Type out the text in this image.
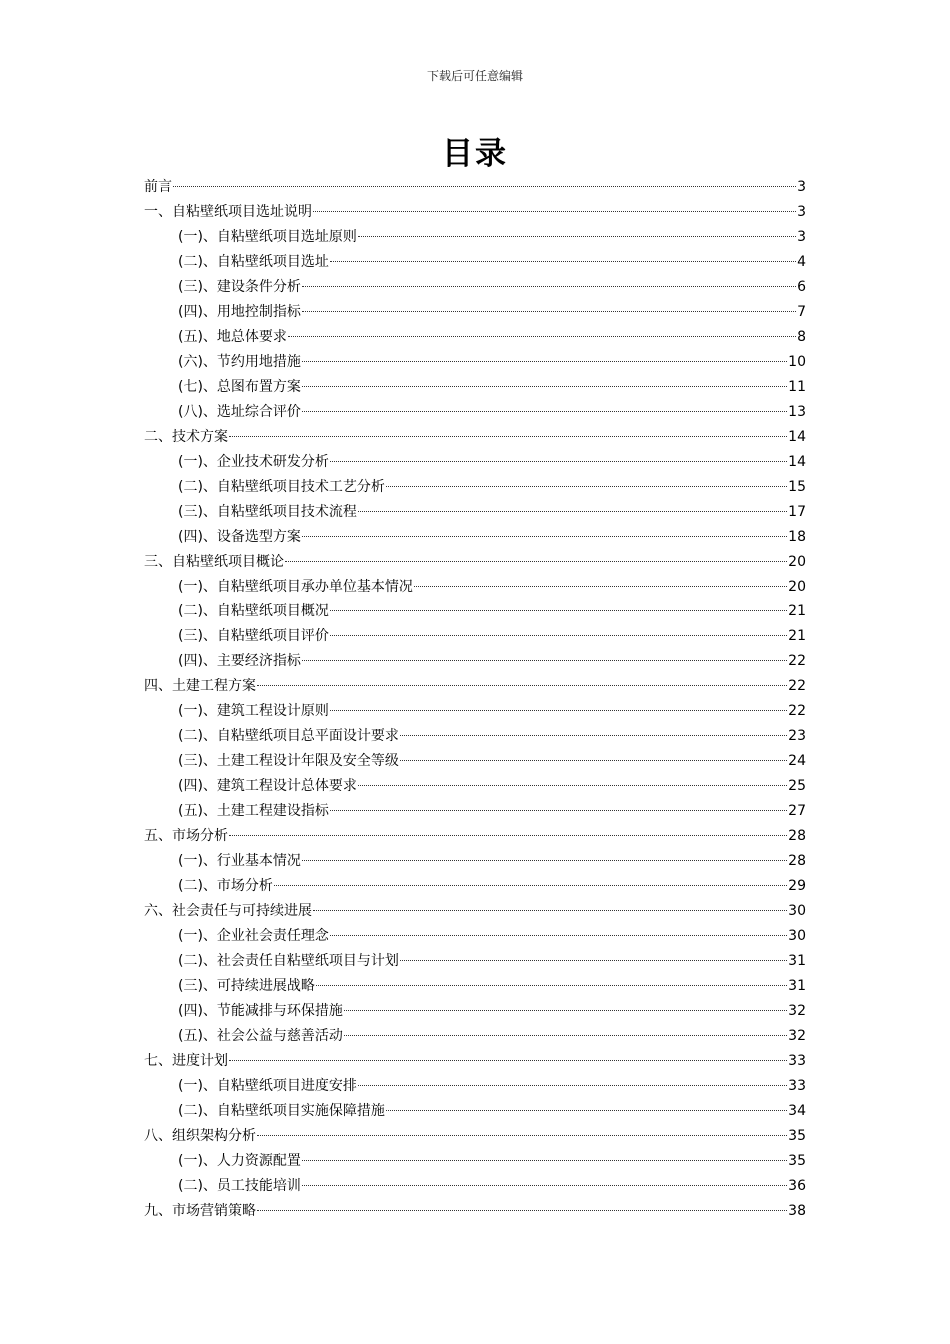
下载后可任意编辑
目录
前言	3
一、自粘壁纸项目选址说明	3
(一)、自粘壁纸项目选址原则	3
(二)、自粘壁纸项目选址	4
(三)、建设条件分析	6
(四)、用地控制指标	7
(五)、地总体要求	8
(六)、节约用地措施	10
(七)、总图布置方案	11
(八)、选址综合评价	13
二、技术方案	14
(一)、企业技术研发分析	14
(二)、自粘壁纸项目技术工艺分析	15
(三)、自粘壁纸项目技术流程	17
(四)、设备选型方案	18
三、自粘壁纸项目概论	20
(一)、自粘壁纸项目承办单位基本情况	20
(二)、自粘壁纸项目概况	21
(三)、自粘壁纸项目评价	21
(四)、主要经济指标	22
四、土建工程方案	22
(一)、建筑工程设计原则	22
(二)、自粘壁纸项目总平面设计要求	23
(三)、土建工程设计年限及安全等级	24
(四)、建筑工程设计总体要求	25
(五)、土建工程建设指标	27
五、市场分析	28
(一)、行业基本情况	28
(二)、市场分析	29
六、社会责任与可持续进展	30
(一)、企业社会责任理念	30
(二)、社会责任自粘壁纸项目与计划	31
(三)、可持续进展战略	31
(四)、节能减排与环保措施	32
(五)、社会公益与慈善活动	32
七、进度计划	33
(一)、自粘壁纸项目进度安排	33
(二)、自粘壁纸项目实施保障措施	34
八、组织架构分析	35
(一)、人力资源配置	35
(二)、员工技能培训	36
九、市场营销策略	38
